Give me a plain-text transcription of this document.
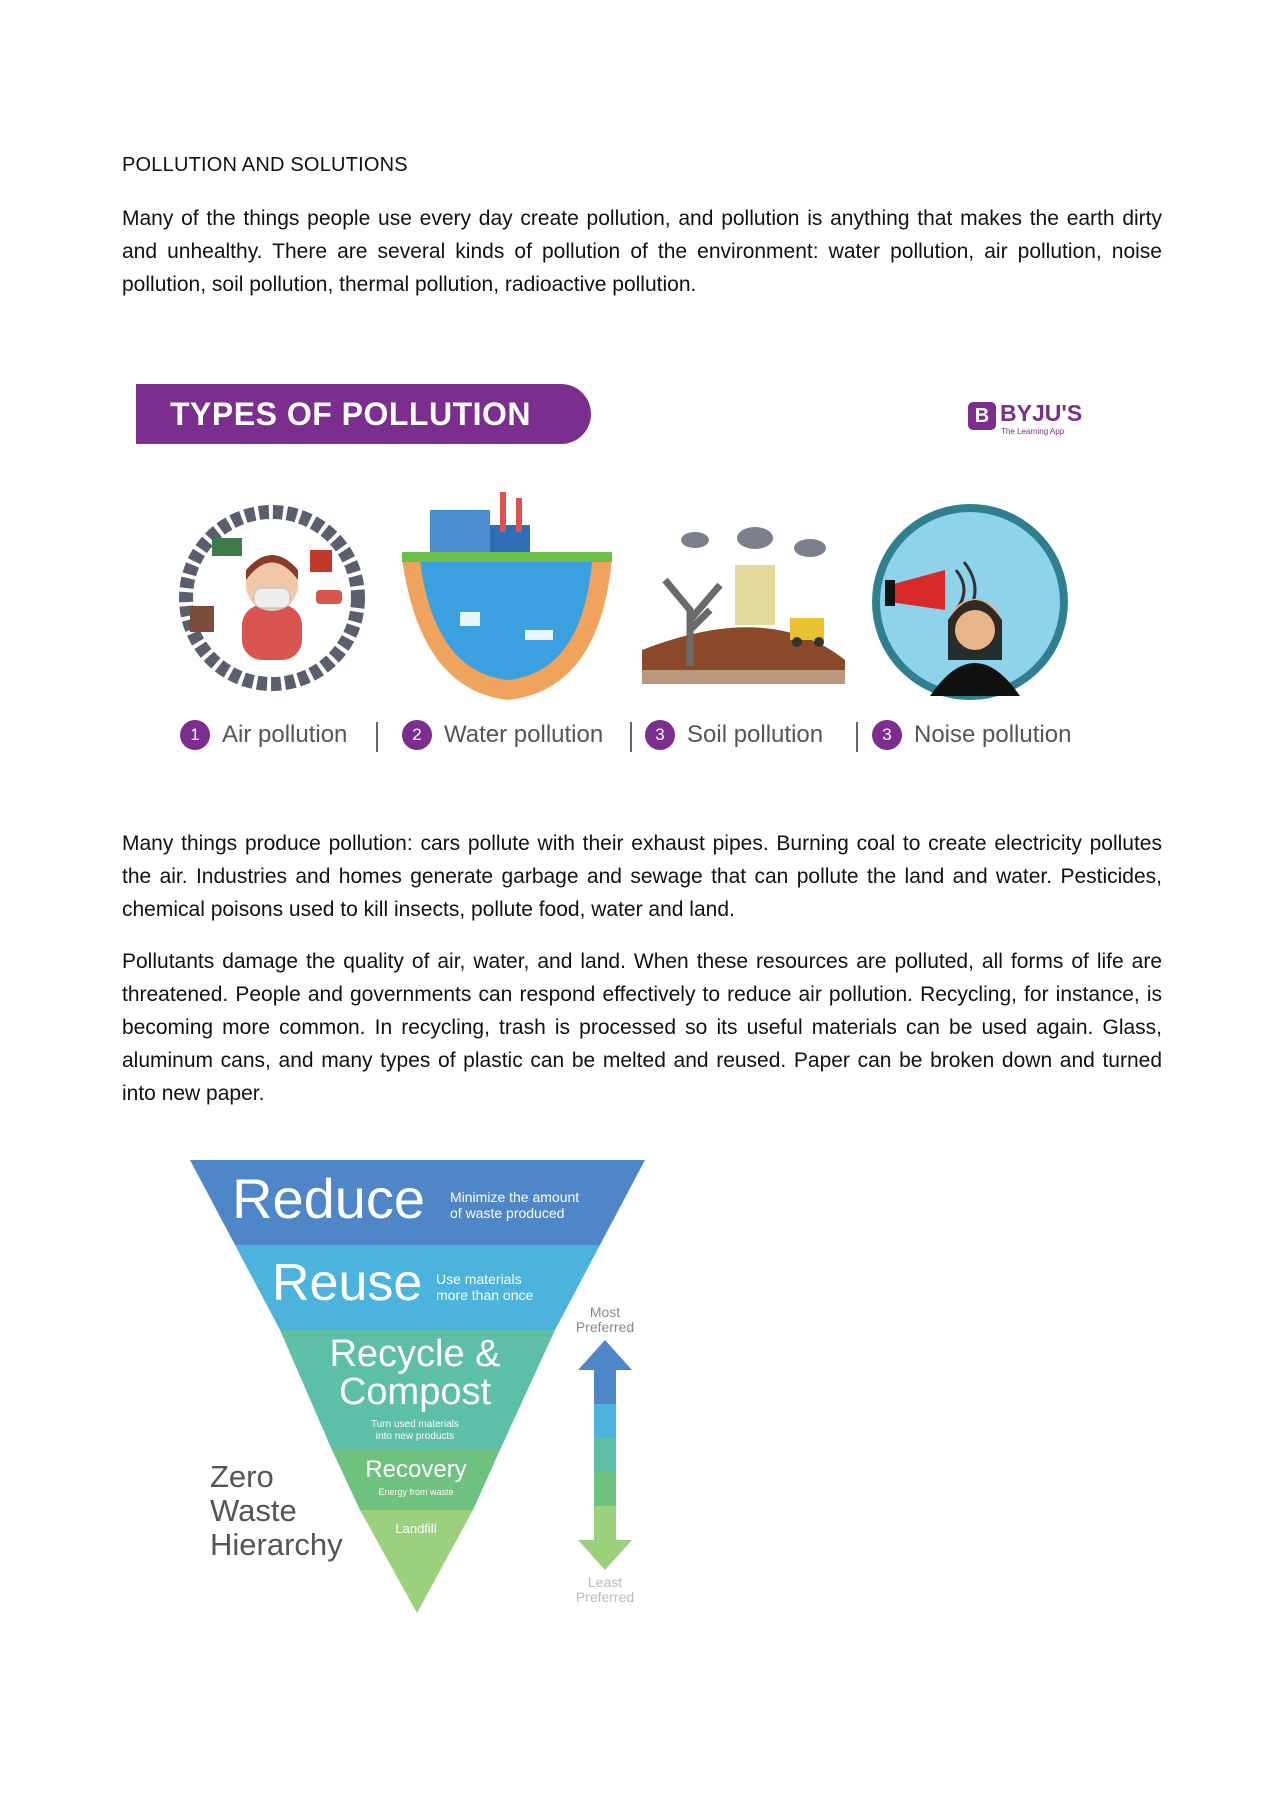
POLLUTION AND SOLUTIONS
Many of the things people use every day create pollution, and pollution is anything that makes the earth dirty and unhealthy. There are several kinds of pollution of the environment: water pollution, air pollution, noise pollution, soil pollution, thermal pollution, radioactive pollution.
TYPES OF POLLUTION	B BYJU'S
The Learning App
1 Air pollution	2 Water pollution	3 Soil pollution	3 Noise pollution
Many things produce pollution: cars pollute with their exhaust pipes. Burning coal to create electricity pollutes the air. Industries and homes generate garbage and sewage that can pollute the land and water. Pesticides, chemical poisons used to kill insects, pollute food, water and land.
Pollutants damage the quality of air, water, and land. When these resources are polluted, all forms of life are threatened. People and governments can respond effectively to reduce air pollution. Recycling, for instance, is becoming more common. In recycling, trash is processed so its useful materials can be used again. Glass, aluminum cans, and many types of plastic can be melted and reused. Paper can be broken down and turned into new paper.
Reduce Minimize the amount
of waste produced
Reuse Use materials
more than once
Recycle &
Compost
Turn used materials
into new products
Recovery
Energy from waste
Landfill
Zero
Waste
Hierarchy
Most
Preferred
Least
Preferred
